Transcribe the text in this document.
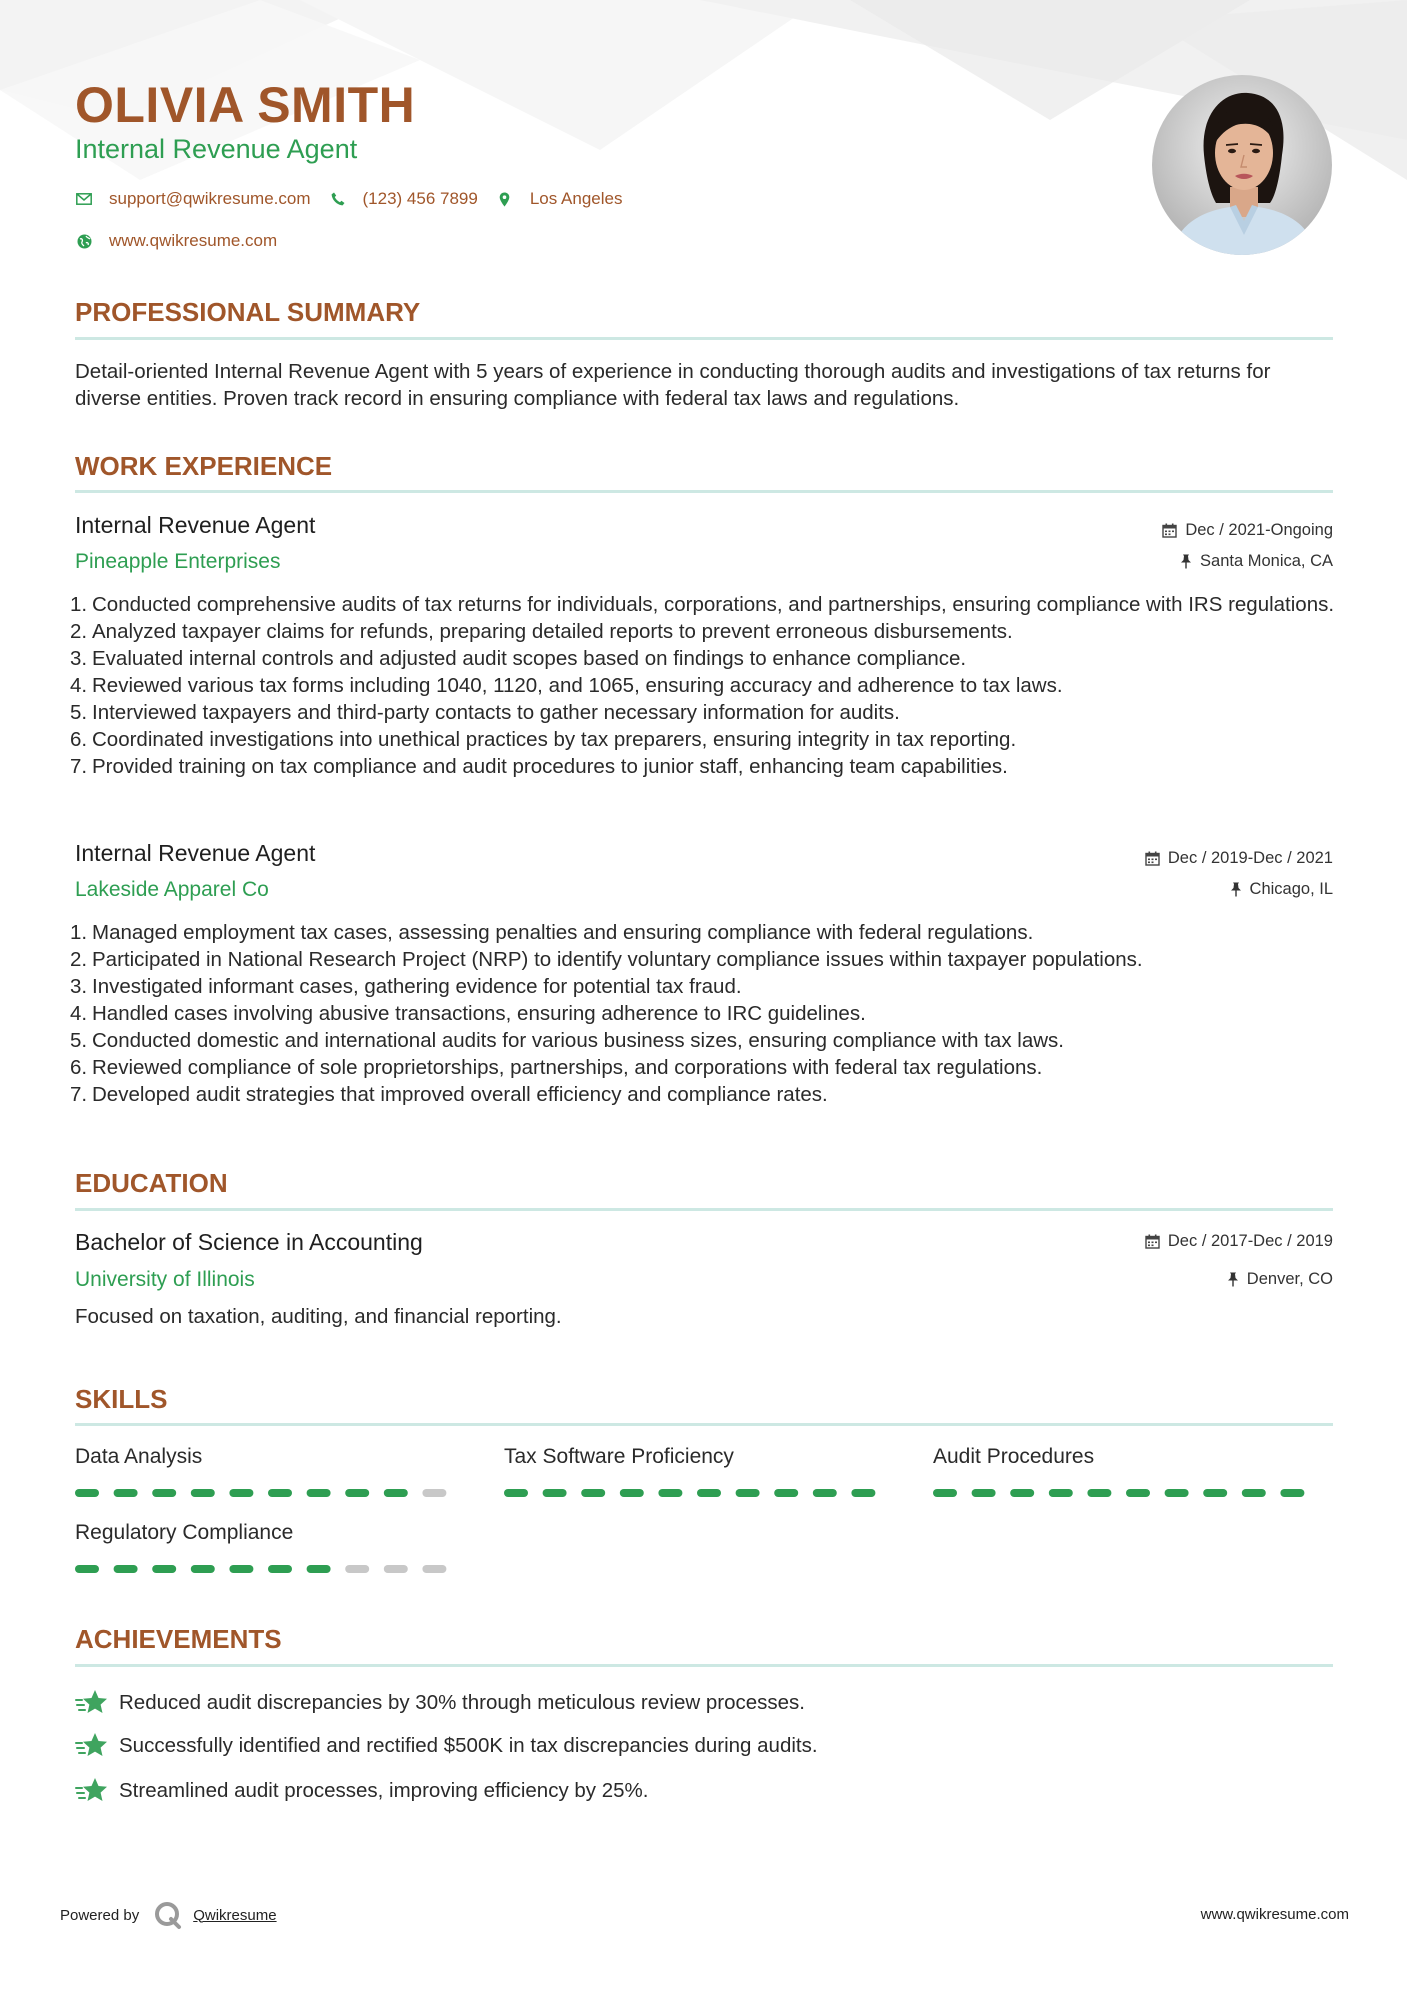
OLIVIA SMITH
Internal Revenue Agent
support@qwikresume.com	(123) 456 7899	Los Angeles
www.qwikresume.com
PROFESSIONAL SUMMARY

Detail-oriented Internal Revenue Agent with 5 years of experience in conducting thorough audits and investigations of tax returns for diverse entities. Proven track record in ensuring compliance with federal tax laws and regulations.

WORK EXPERIENCE
Internal Revenue Agent
Pineapple Enterprises
Dec / 2021-Ongoing
Santa Monica, CA
1. Conducted comprehensive audits of tax returns for individuals, corporations, and partnerships, ensuring compliance with IRS regulations.
2. Analyzed taxpayer claims for refunds, preparing detailed reports to prevent erroneous disbursements.
3. Evaluated internal controls and adjusted audit scopes based on findings to enhance compliance.
4. Reviewed various tax forms including 1040, 1120, and 1065, ensuring accuracy and adherence to tax laws.
5. Interviewed taxpayers and third-party contacts to gather necessary information for audits.
6. Coordinated investigations into unethical practices by tax preparers, ensuring integrity in tax reporting.
7. Provided training on tax compliance and audit procedures to junior staff, enhancing team capabilities.
Internal Revenue Agent
Lakeside Apparel Co
Dec / 2019-Dec / 2021
Chicago, IL
1. Managed employment tax cases, assessing penalties and ensuring compliance with federal regulations.
2. Participated in National Research Project (NRP) to identify voluntary compliance issues within taxpayer populations.
3. Investigated informant cases, gathering evidence for potential tax fraud.
4. Handled cases involving abusive transactions, ensuring adherence to IRC guidelines.
5. Conducted domestic and international audits for various business sizes, ensuring compliance with tax laws.
6. Reviewed compliance of sole proprietorships, partnerships, and corporations with federal tax regulations.
7. Developed audit strategies that improved overall efficiency and compliance rates.
EDUCATION
Bachelor of Science in Accounting
University of Illinois
Dec / 2017-Dec / 2019
Denver, CO
Focused on taxation, auditing, and financial reporting.
SKILLS
Data Analysis	Tax Software Proficiency	Audit Procedures
Regulatory Compliance
ACHIEVEMENTS
Reduced audit discrepancies by 30% through meticulous review processes.
Successfully identified and rectified $500K in tax discrepancies during audits.
Streamlined audit processes, improving efficiency by 25%.
Powered by	Qwikresume	www.qwikresume.com
